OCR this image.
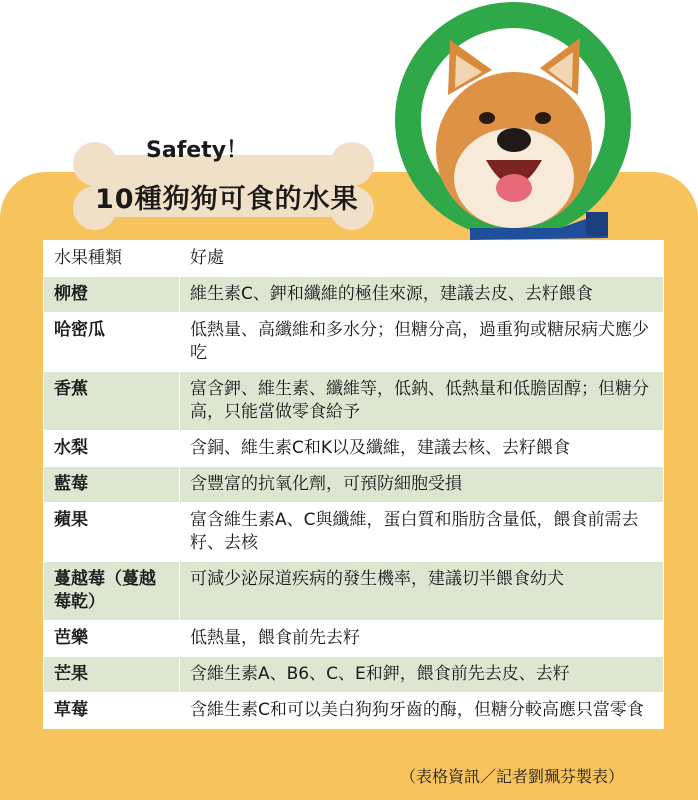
Safety！
10種狗狗可食的水果
水果種類	好處
柳橙	維生素C、鉀和纖維的極佳來源，建議去皮、去籽餵食
哈密瓜	低熱量、高纖維和多水分；但糖分高，過重狗或糖尿病犬應少吃
香蕉	富含鉀、維生素、纖維等，低鈉、低熱量和低膽固醇；但糖分高，只能當做零食給予
水梨	含銅、維生素C和K以及纖維，建議去核、去籽餵食
藍莓	含豐富的抗氧化劑，可預防細胞受損
蘋果	富含維生素A、C與纖維，蛋白質和脂肪含量低，餵食前需去籽、去核
蔓越莓（蔓越莓乾）	可減少泌尿道疾病的發生機率，建議切半餵食幼犬
芭樂	低熱量，餵食前先去籽
芒果	含維生素A、B6、C、E和鉀，餵食前先去皮、去籽
草莓	含維生素C和可以美白狗狗牙齒的酶，但糖分較高應只當零食
（表格資訊／記者劉珮芬製表）
